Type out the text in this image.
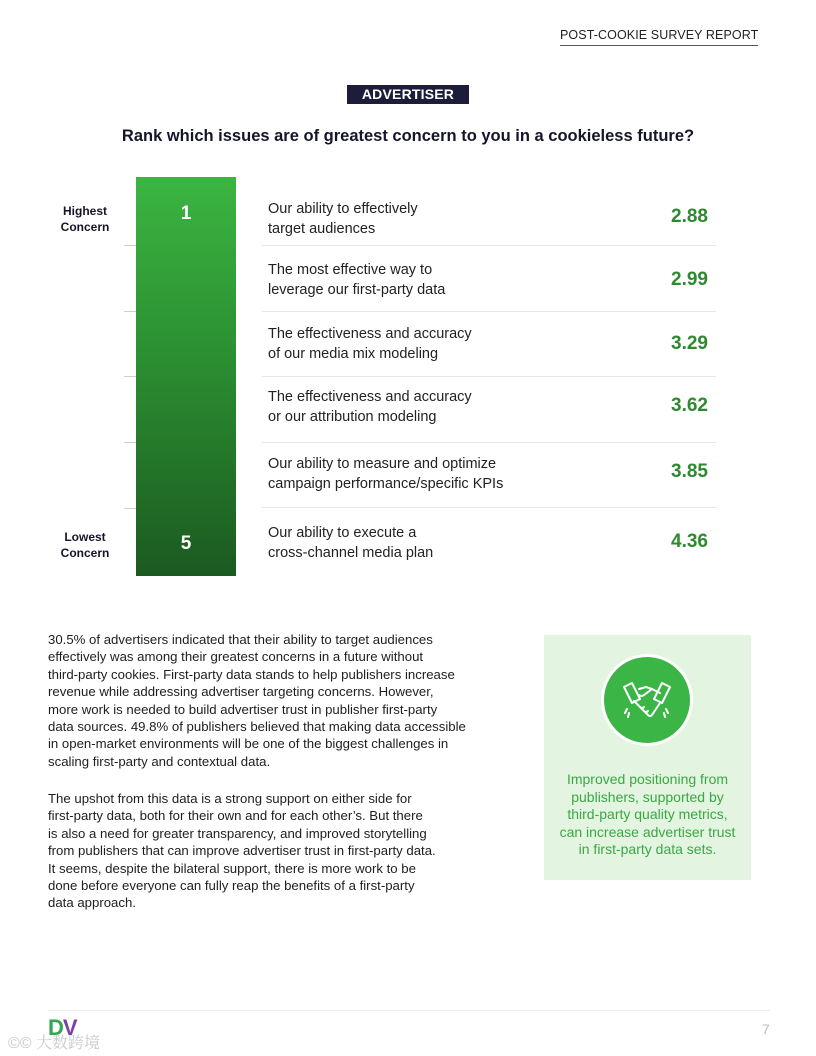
POST-COOKIE SURVEY REPORT
ADVERTISER
Rank which issues are of greatest concern to you in a cookieless future?
Highest Concern
Lowest Concern
1
5
Our ability to effectively
target audiences
2.88
The most effective way to
leverage our first-party data	2.99
The effectiveness and accuracy
of our media mix modeling	3.29
The effectiveness and accuracy
or our attribution modeling
3.62
Our ability to measure and optimize
campaign performance/specific KPIs
3.85
Our ability to execute a
cross-channel media plan
4.36
30.5% of advertisers indicated that their ability to target audiences
effectively was among their greatest concerns in a future without
third-party cookies. First-party data stands to help publishers increase
revenue while addressing advertiser targeting concerns. However,
more work is needed to build advertiser trust in publisher first-party
data sources. 49.8% of publishers believed that making data accessible
in open-market environments will be one of the biggest challenges in
scaling first-party and contextual data.
The upshot from this data is a strong support on either side for
first-party data, both for their own and for each other’s. But there
is also a need for greater transparency, and improved storytelling
from publishers that can improve advertiser trust in first-party data.
It seems, despite the bilateral support, there is more work to be
done before everyone can fully reap the benefits of a first-party
data approach.
Improved positioning from
publishers, supported by
third-party quality metrics,
can increase advertiser trust
in first-party data sets.
DV
©© 大数跨境
7
